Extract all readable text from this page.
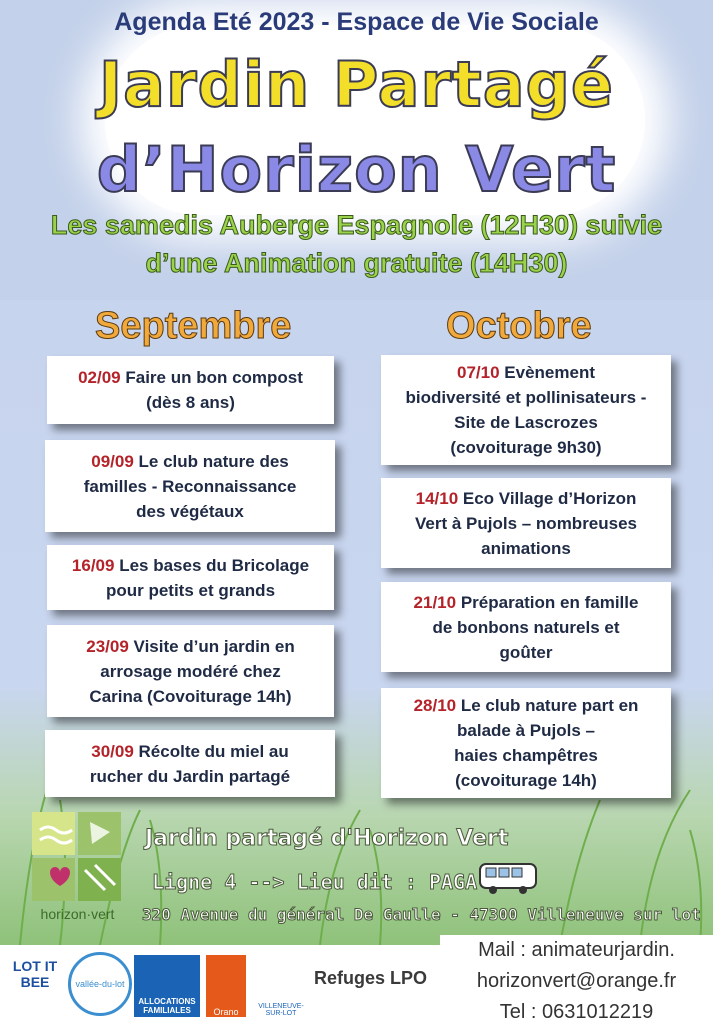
Agenda Eté 2023 - Espace de Vie Sociale
Jardin Partagé
d’Horizon Vert
Les samedis Auberge Espagnole (12H30) suivie
d’une Animation gratuite (14H30)
Septembre	Octobre
02/09 Faire un bon compost
(dès 8 ans)
09/09 Le club nature des
familles - Reconnaissance
des végétaux
16/09 Les bases du Bricolage
pour petits et grands
23/09 Visite d’un jardin en
arrosage modéré chez
Carina (Covoiturage 14h)
30/09 Récolte du miel au
rucher du Jardin partagé
07/10 Evènement
biodiversité et pollinisateurs -
Site de Lascrozes
(covoiturage 9h30)
14/10 Eco Village d’Horizon
Vert à Pujols – nombreuses
animations
21/10 Préparation en famille
de bonbons naturels et
goûter
28/10 Le club nature part en
balade à Pujols –
haies champêtres
(covoiturage 14h)
horizon·vert
Jardin partagé d'Horizon Vert
Ligne 4 --> Lieu dit : PAGA
320 Avenue du général De Gaulle - 47300 Villeneuve sur lot
LOT IT BEE	vallée-du-lot
ALLOCATIONS FAMILIALES	Orano
VILLENEUVE-SUR-LOT
Refuges LPO
Mail : animateurjardin.
horizonvert@orange.fr
Tel : 0631012219
